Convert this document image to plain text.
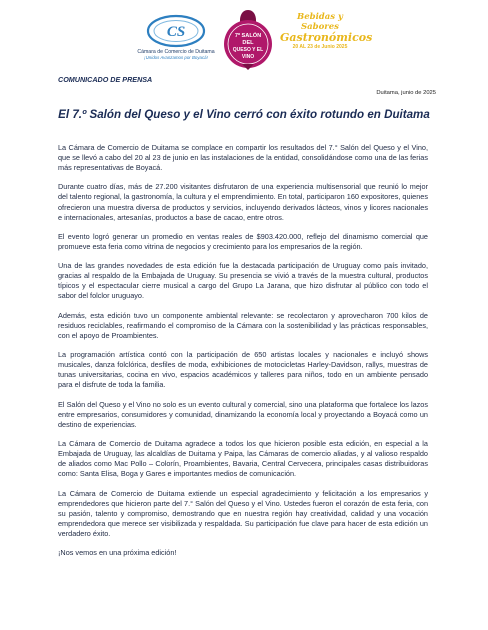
CS
Cámara de Comercio de Duitama
¡Unidos Avanzamos por Boyacá!
7º SALÓN DEL
QUESO Y EL VINO
Bebidas y Sabores
Gastronómicos
20 AL 23 de Junio 2025

COMUNICADO DE PRENSA

Duitama, junio de 2025

El 7.º Salón del Queso y el Vino cerró con éxito rotundo en Duitama

La Cámara de Comercio de Duitama se complace en compartir los resultados del 7.° Salón del Queso y el Vino, que se llevó a cabo del 20 al 23 de junio en las instalaciones de la entidad, consolidándose como una de las ferias más representativas de Boyacá.

Durante cuatro días, más de 27.200 visitantes disfrutaron de una experiencia multisensorial que reunió lo mejor del talento regional, la gastronomía, la cultura y el emprendimiento. En total, participaron 160 expositores, quienes ofrecieron una muestra diversa de productos y servicios, incluyendo derivados lácteos, vinos y licores nacionales e internacionales, artesanías, productos a base de cacao, entre otros.

El evento logró generar un promedio en ventas reales de $903.420.000, reflejo del dinamismo comercial que promueve esta feria como vitrina de negocios y crecimiento para los empresarios de la región.

Una de las grandes novedades de esta edición fue la destacada participación de Uruguay como país invitado, gracias al respaldo de la Embajada de Uruguay. Su presencia se vivió a través de la muestra cultural, productos típicos y el espectacular cierre musical a cargo del Grupo La Jarana, que hizo disfrutar al público con todo el sabor del folclor uruguayo.

Además, esta edición tuvo un componente ambiental relevante: se recolectaron y aprovecharon 700 kilos de residuos reciclables, reafirmando el compromiso de la Cámara con la sostenibilidad y las prácticas responsables, con el apoyo de Proambientes.

La programación artística contó con la participación de 650 artistas locales y nacionales e incluyó shows musicales, danza folclórica, desfiles de moda, exhibiciones de motocicletas Harley-Davidson, rallys, muestras de tunas universitarias, cocina en vivo, espacios académicos y talleres para niños, todo en un ambiente pensado para el disfrute de toda la familia.

El Salón del Queso y el Vino no solo es un evento cultural y comercial, sino una plataforma que fortalece los lazos entre empresarios, consumidores y comunidad, dinamizando la economía local y proyectando a Boyacá como un destino de experiencias.

La Cámara de Comercio de Duitama agradece a todos los que hicieron posible esta edición, en especial a la Embajada de Uruguay, las alcaldías de Duitama y Paipa, las Cámaras de comercio aliadas, y al valioso respaldo de aliados como Mac Pollo – Colorín, Proambientes, Bavaria, Central Cervecera, principales casas distribuidoras como: Santa Elisa, Boga y Gares e importantes medios de comunicación.

La Cámara de Comercio de Duitama extiende un especial agradecimiento y felicitación a los empresarios y emprendedores que hicieron parte del 7.° Salón del Queso y el Vino. Ustedes fueron el corazón de esta feria, con su pasión, talento y compromiso, demostrando que en nuestra región hay creatividad, calidad y una vocación emprendedora que merece ser visibilizada y respaldada. Su participación fue clave para hacer de esta edición un verdadero éxito.

¡Nos vemos en una próxima edición!
